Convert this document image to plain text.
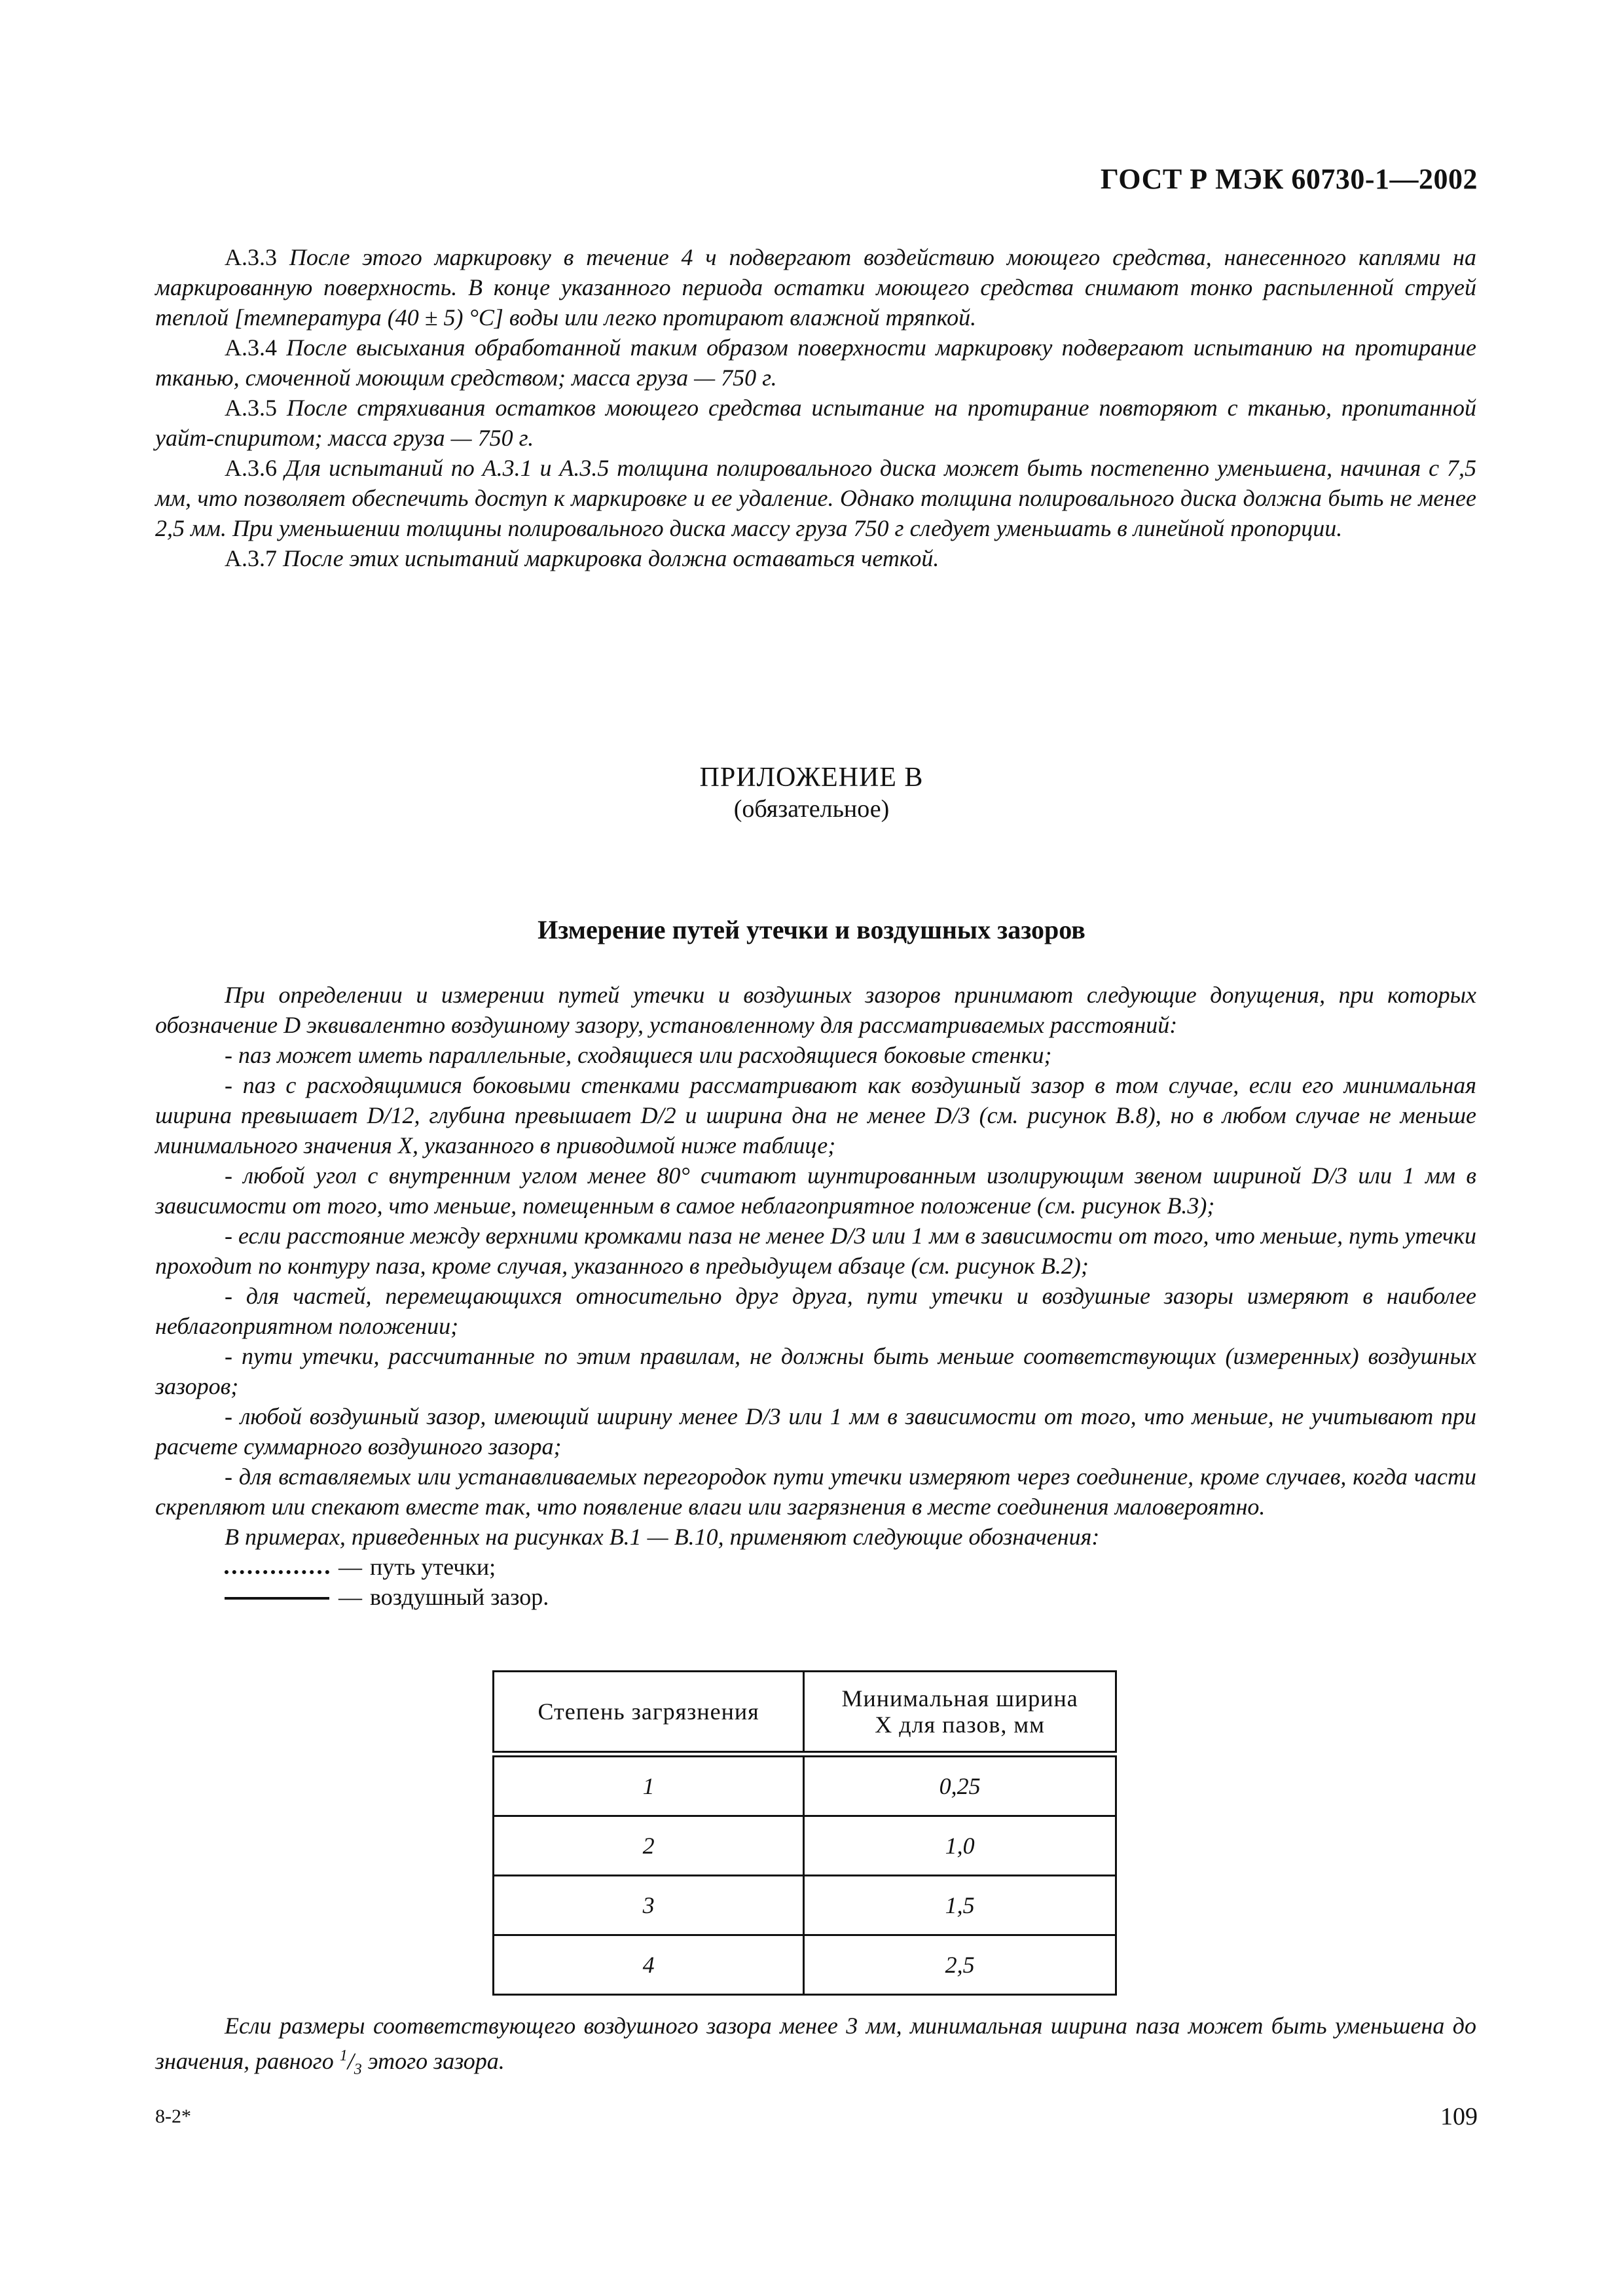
ГОСТ Р МЭК 60730-1—2002

А.3.3 После этого маркировку в течение 4 ч подвергают воздействию моющего средства, нанесенного каплями на маркированную поверхность. В конце указанного периода остатки моющего средства снимают тонко распыленной струей теплой [температура (40 ± 5) °С] воды или легко протирают влажной тряпкой.

А.3.4 После высыхания обработанной таким образом поверхности маркировку подвергают испытанию на протирание тканью, смоченной моющим средством; масса груза — 750 г.

А.3.5 После стряхивания остатков моющего средства испытание на протирание повторяют с тканью, пропитанной уайт-спиритом; масса груза — 750 г.

А.3.6 Для испытаний по А.3.1 и А.3.5 толщина полировального диска может быть постепенно уменьшена, начиная с 7,5 мм, что позволяет обеспечить доступ к маркировке и ее удаление. Однако толщина полировального диска должна быть не менее 2,5 мм. При уменьшении толщины полировального диска массу груза 750 г следует уменьшать в линейной пропорции.

А.3.7 После этих испытаний маркировка должна оставаться четкой.

ПРИЛОЖЕНИЕ В
(обязательное)
Измерение путей утечки и воздушных зазоров

При определении и измерении путей утечки и воздушных зазоров принимают следующие допущения, при которых обозначение D эквивалентно воздушному зазору, установленному для рассматриваемых расстояний:

- паз может иметь параллельные, сходящиеся или расходящиеся боковые стенки;

- паз с расходящимися боковыми стенками рассматривают как воздушный зазор в том случае, если его минимальная ширина превышает D/12, глубина превышает D/2 и ширина дна не менее D/3 (см. рисунок В.8), но в любом случае не меньше минимального значения X, указанного в приводимой ниже таблице;

- любой угол с внутренним углом менее 80° считают шунтированным изолирующим звеном шириной D/3 или 1 мм в зависимости от того, что меньше, помещенным в самое неблагоприятное положение (см. рисунок В.3);

- если расстояние между верхними кромками паза не менее D/3 или 1 мм в зависимости от того, что меньше, путь утечки проходит по контуру паза, кроме случая, указанного в предыдущем абзаце (см. рисунок В.2);

- для частей, перемещающихся относительно друг друга, пути утечки и воздушные зазоры измеряют в наиболее неблагоприятном положении;

- пути утечки, рассчитанные по этим правилам, не должны быть меньше соответствующих (измеренных) воздушных зазоров;

- любой воздушный зазор, имеющий ширину менее D/3 или 1 мм в зависимости от того, что меньше, не учитывают при расчете суммарного воздушного зазора;

- для вставляемых или устанавливаемых перегородок пути утечки измеряют через соединение, кроме случаев, когда части скрепляют или спекают вместе так, что появление влаги или загрязнения в месте соединения маловероятно.

В примерах, приведенных на рисунках В.1 — В.10, применяют следующие обозначения:

— путь утечки;

— воздушный зазор.

Степень загрязнения	Минимальная ширина
X для пазов, мм
1	0,25
2	1,0
3	1,5
4	2,5

Если размеры соответствующего воздушного зазора менее 3 мм, минимальная ширина паза может быть уменьшена до значения, равного $^1/_3$ этого зазора.

8-2*	109
